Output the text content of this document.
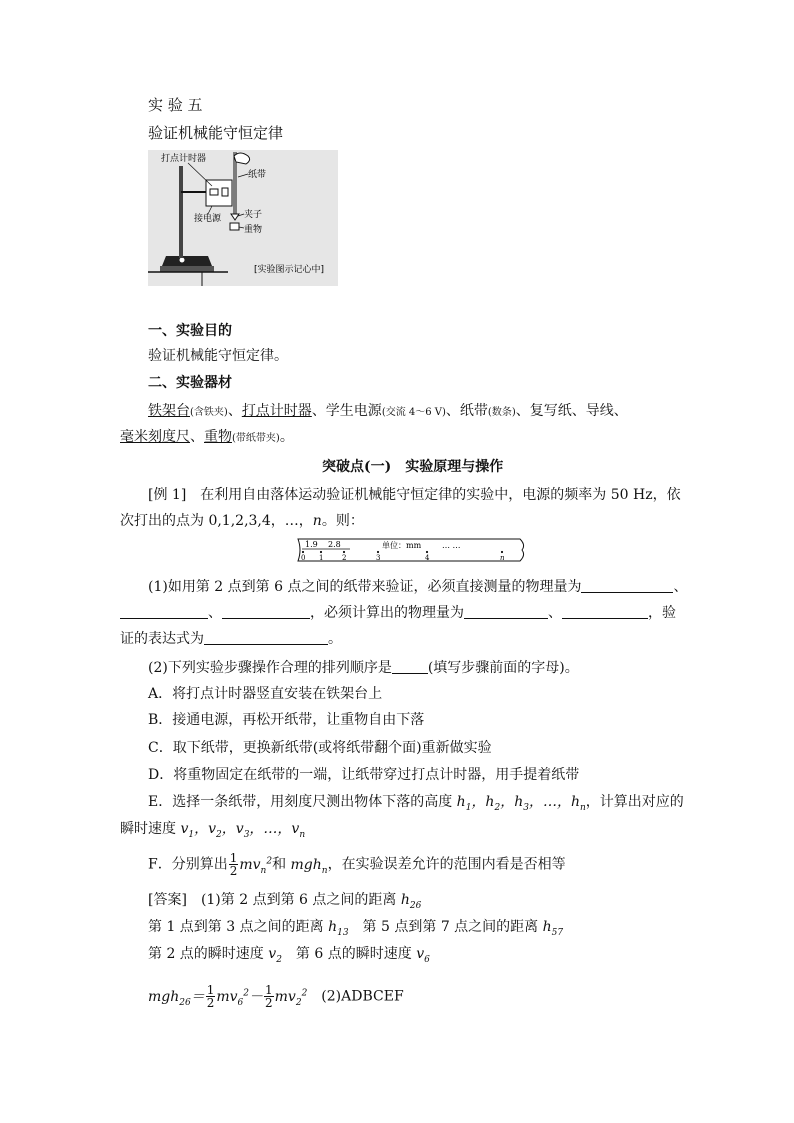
实 验 五
验证机械能守恒定律
打点计时器
纸带
接电源	夹子
重物
[实验图示记心中]
一、实验目的
验证机械能守恒定律。
二、实验器材
铁架台(含铁夹)、打点计时器、学生电源(交流 4～6 V)、纸带(数条)、复写纸、导线、
毫米刻度尺、重物(带纸带夹)。
突破点(一)　实验原理与操作
[例 1]　在利用自由落体运动验证机械能守恒定律的实验中，电源的频率为 50 Hz，依
次打出的点为 0,1,2,3,4，…，n。则：
1.9 2.8	单位：mm	… …
0 1	2	3	4	n
(1)如用第 2 点到第 6 点之间的纸带来验证，必须直接测量的物理量为	、
、	，必须计算出的物理量为	、	，验
证的表达式为	。
(2)下列实验步骤操作合理的排列顺序是	(填写步骤前面的字母)。
A．将打点计时器竖直安装在铁架台上
B．接通电源，再松开纸带，让重物自由下落
C．取下纸带，更换新纸带(或将纸带翻个面)重新做实验
D．将重物固定在纸带的一端，让纸带穿过打点计时器，用手提着纸带
E．选择一条纸带，用刻度尺测出物体下落的高度 $h_1$，$h_2$，$h_3$，…，$h_n$，计算出对应的
瞬时速度 $v_1$，$v_2$，$v_3$，…，$v_n$
F．分别算出 $\frac{1}{2} mv_n^2$和 mgh$_n$，在实验误差允许的范围内看是否相等
[答案]　 (1)第 2 点到第 6 点之间的距离 $h_{26}$
第 1 点到第 3 点之间的距离 $h_{13}$　第 5 点到第 7 点之间的距离 $h_{57}$
第 2 点的瞬时速度 $v_2$　第 6 点的瞬时速度 $v_6$
$mgh_{26}= \frac{1}{2} mv_6^2- \frac{1}{2} mv_2^2$　(2)ADBCEF
